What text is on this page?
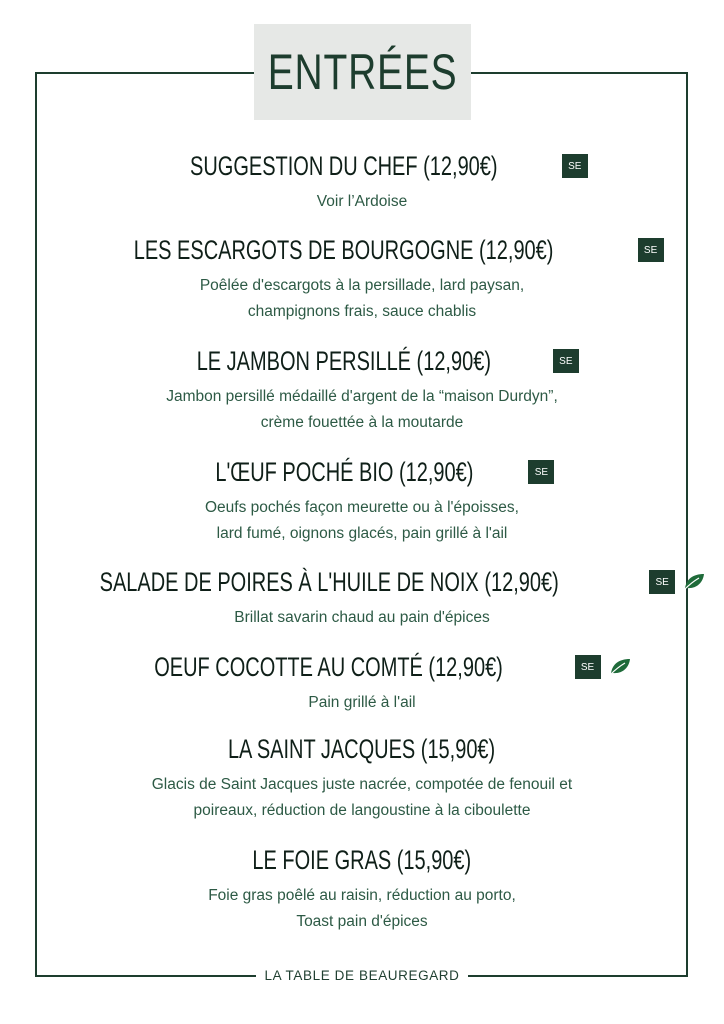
ENTRÉES
SUGGESTION DU CHEF (12,90€)	SE
Voir l’Ardoise
LES ESCARGOTS DE BOURGOGNE (12,90€)	SE
Poêlée d'escargots à la persillade, lard paysan,
champignons frais, sauce chablis
LE JAMBON PERSILLÉ (12,90€)	SE
Jambon persillé médaillé d'argent de la “maison Durdyn”,
crème fouettée à la moutarde
L'ŒUF POCHÉ BIO (12,90€)	SE
Oeufs pochés façon meurette ou à l'époisses,
lard fumé, oignons glacés, pain grillé à l'ail
SALADE DE POIRES À L'HUILE DE NOIX (12,90€)	SE
Brillat savarin chaud au pain d'épices
OEUF COCOTTE AU COMTÉ (12,90€)	SE
Pain grillé à l'ail
LA SAINT JACQUES (15,90€)
Glacis de Saint Jacques juste nacrée, compotée de fenouil et
poireaux, réduction de langoustine à la ciboulette
LE FOIE GRAS (15,90€)
Foie gras poêlé au raisin, réduction au porto,
Toast pain d'épices
LA TABLE DE BEAUREGARD
